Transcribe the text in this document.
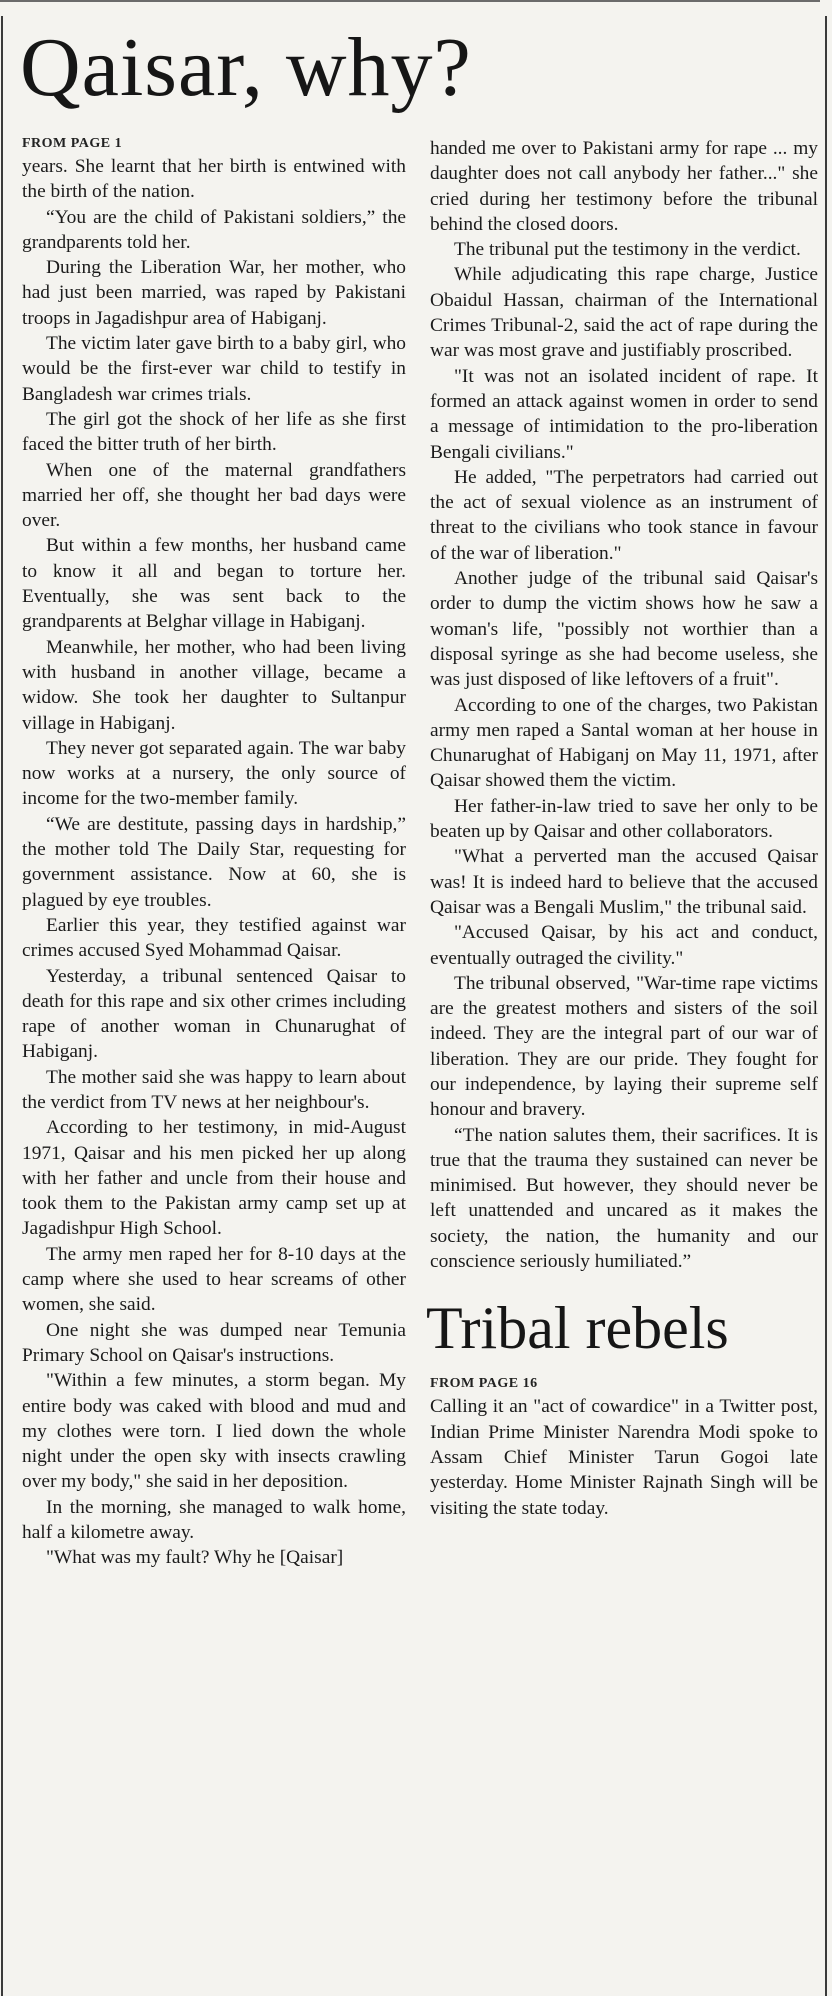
Qaisar, why?
FROM PAGE 1

years. She learnt that her birth is entwined with the birth of the nation.

“You are the child of Pakistani soldiers,” the grandparents told her.

During the Liberation War, her mother, who had just been married, was raped by Pakistani troops in Jagadishpur area of Habiganj.

The victim later gave birth to a baby girl, who would be the first-ever war child to testify in Bangladesh war crimes trials.

The girl got the shock of her life as she first faced the bitter truth of her birth.

When one of the maternal grandfathers married her off, she thought her bad days were over.

But within a few months, her husband came to know it all and began to torture her. Eventually, she was sent back to the grandparents at Belghar village in Habiganj.

Meanwhile, her mother, who had been living with husband in another village, became a widow. She took her daughter to Sultanpur village in Habiganj.

They never got separated again. The war baby now works at a nursery, the only source of income for the two-member family.

“We are destitute, passing days in hardship,” the mother told The Daily Star, requesting for government assistance. Now at 60, she is plagued by eye troubles.

Earlier this year, they testified against war crimes accused Syed Mohammad Qaisar.

Yesterday, a tribunal sentenced Qaisar to death for this rape and six other crimes including rape of another woman in Chunarughat of Habiganj.

The mother said she was happy to learn about the verdict from TV news at her neighbour's.

According to her testimony, in mid-August 1971, Qaisar and his men picked her up along with her father and uncle from their house and took them to the Pakistan army camp set up at Jagadishpur High School.

The army men raped her for 8-10 days at the camp where she used to hear screams of other women, she said.

One night she was dumped near Temunia Primary School on Qaisar's instructions.

"Within a few minutes, a storm began. My entire body was caked with blood and mud and my clothes were torn. I lied down the whole night under the open sky with insects crawling over my body," she said in her deposition.

In the morning, she managed to walk home, half a kilometre away.

"What was my fault? Why he [Qaisar]

handed me over to Pakistani army for rape ... my daughter does not call anybody her father..." she cried during her testimony before the tribunal behind the closed doors.

The tribunal put the testimony in the verdict.

While adjudicating this rape charge, Justice Obaidul Hassan, chairman of the International Crimes Tribunal-2, said the act of rape during the war was most grave and justifiably proscribed.

"It was not an isolated incident of rape. It formed an attack against women in order to send a message of intimidation to the pro-liberation Bengali civilians."

He added, "The perpetrators had carried out the act of sexual violence as an instrument of threat to the civilians who took stance in favour of the war of liberation."

Another judge of the tribunal said Qaisar's order to dump the victim shows how he saw a woman's life, "possibly not worthier than a disposal syringe as she had become useless, she was just disposed of like leftovers of a fruit".

According to one of the charges, two Pakistan army men raped a Santal woman at her house in Chunarughat of Habiganj on May 11, 1971, after Qaisar showed them the victim.

Her father-in-law tried to save her only to be beaten up by Qaisar and other collaborators.

"What a perverted man the accused Qaisar was! It is indeed hard to believe that the accused Qaisar was a Bengali Muslim," the tribunal said.

"Accused Qaisar, by his act and conduct, eventually outraged the civility."

The tribunal observed, "War-time rape victims are the greatest mothers and sisters of the soil indeed. They are the integral part of our war of liberation. They are our pride. They fought for our independence, by laying their supreme self honour and bravery.

“The nation salutes them, their sacrifices. It is true that the trauma they sustained can never be minimised. But however, they should never be left unattended and uncared as it makes the society, the nation, the humanity and our conscience seriously humiliated.”

Tribal rebels
FROM PAGE 16

Calling it an "act of cowardice" in a Twitter post, Indian Prime Minister Narendra Modi spoke to Assam Chief Minister Tarun Gogoi late yesterday. Home Minister Rajnath Singh will be visiting the state today.
